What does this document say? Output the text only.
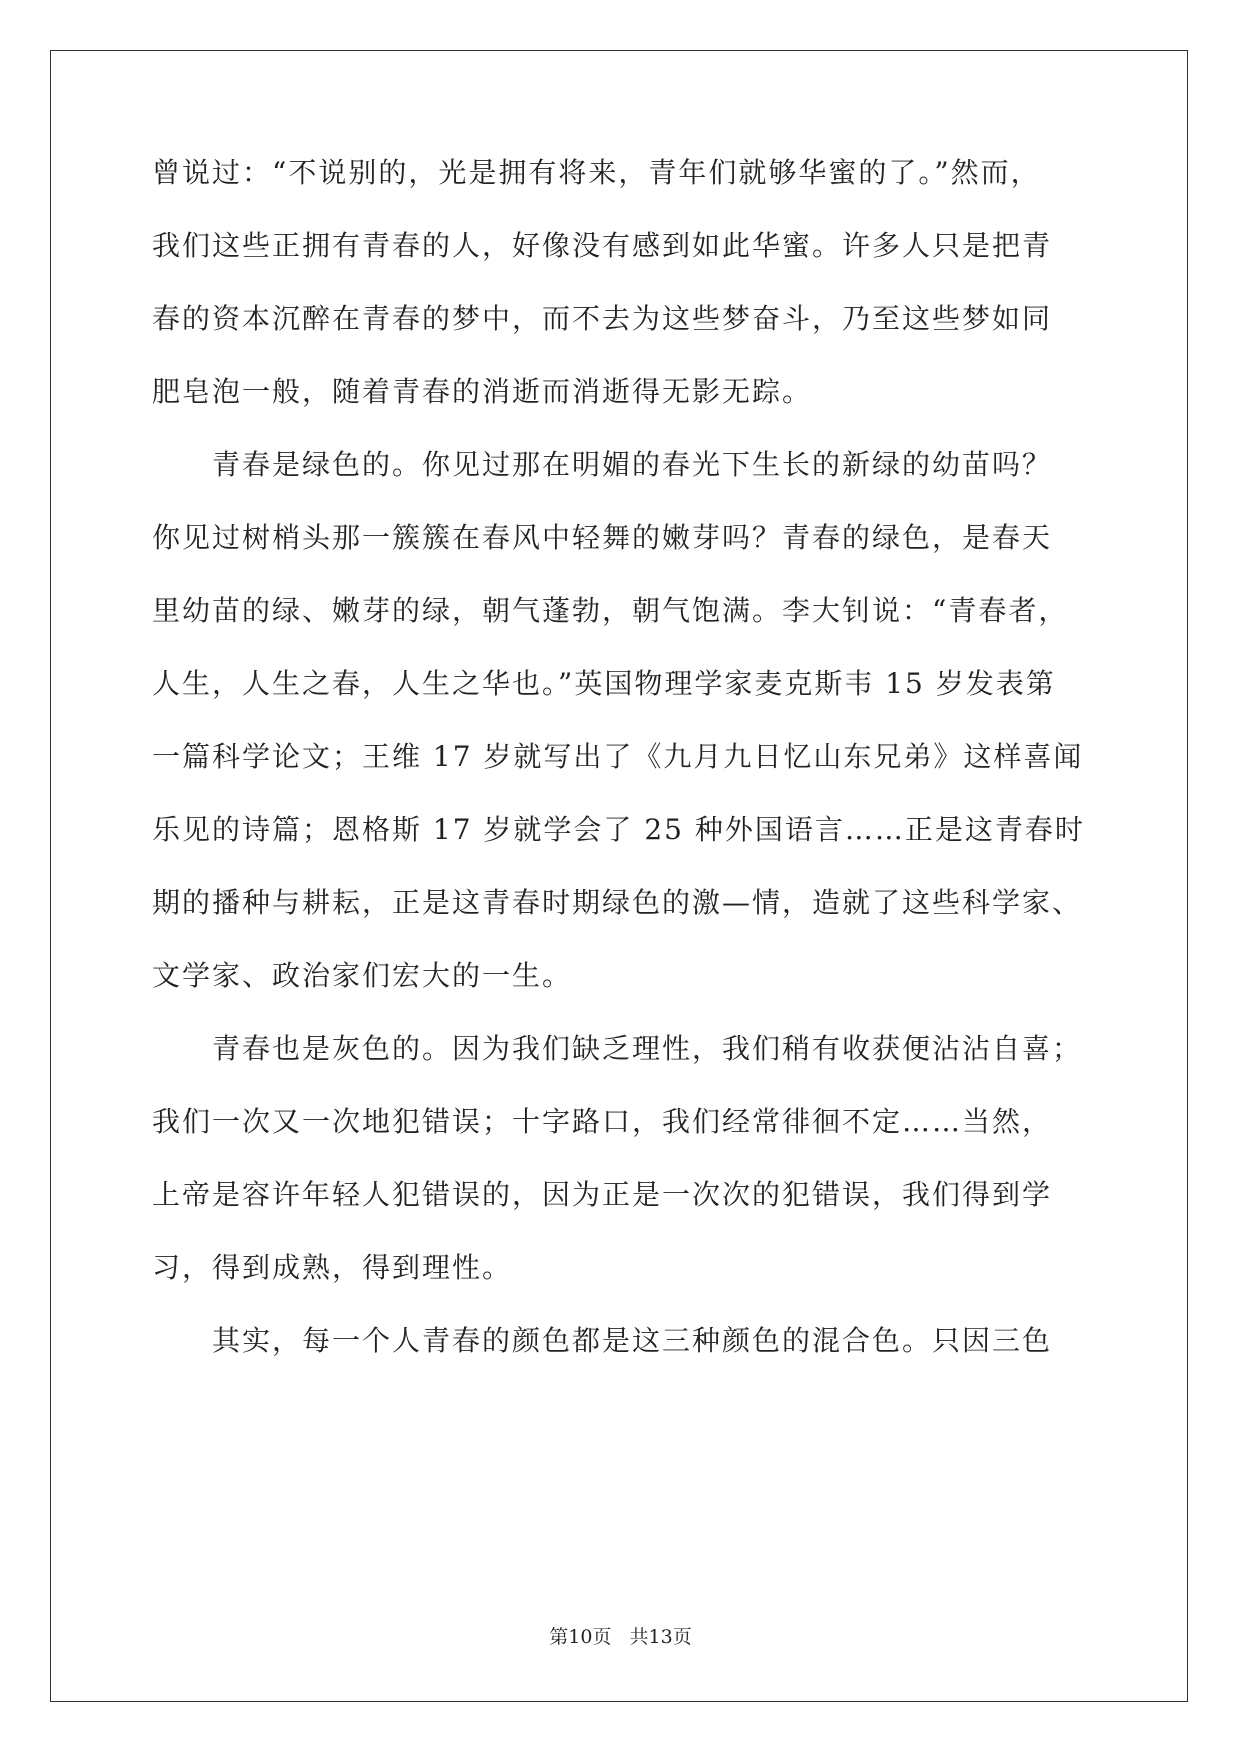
曾说过：“不说别的，光是拥有将来，青年们就够华蜜的了。”然而，
我们这些正拥有青春的人，好像没有感到如此华蜜。许多人只是把青
春的资本沉醉在青春的梦中，而不去为这些梦奋斗，乃至这些梦如同
肥皂泡一般，随着青春的消逝而消逝得无影无踪。
　　青春是绿色的。你见过那在明媚的春光下生长的新绿的幼苗吗？
你见过树梢头那一簇簇在春风中轻舞的嫩芽吗？青春的绿色，是春天
里幼苗的绿、嫩芽的绿，朝气蓬勃，朝气饱满。李大钊说：“青春者，
人生，人生之春，人生之华也。”英国物理学家麦克斯韦 15 岁发表第
一篇科学论文；王维 17 岁就写出了《九月九日忆山东兄弟》这样喜闻
乐见的诗篇；恩格斯 17 岁就学会了 25 种外国语言……正是这青春时
期的播种与耕耘，正是这青春时期绿色的激—情，造就了这些科学家、
文学家、政治家们宏大的一生。
　　青春也是灰色的。因为我们缺乏理性，我们稍有收获便沾沾自喜；
我们一次又一次地犯错误；十字路口，我们经常徘徊不定……当然，
上帝是容许年轻人犯错误的，因为正是一次次的犯错误，我们得到学
习，得到成熟，得到理性。
　　其实，每一个人青春的颜色都是这三种颜色的混合色。只因三色
第10页 共13页
